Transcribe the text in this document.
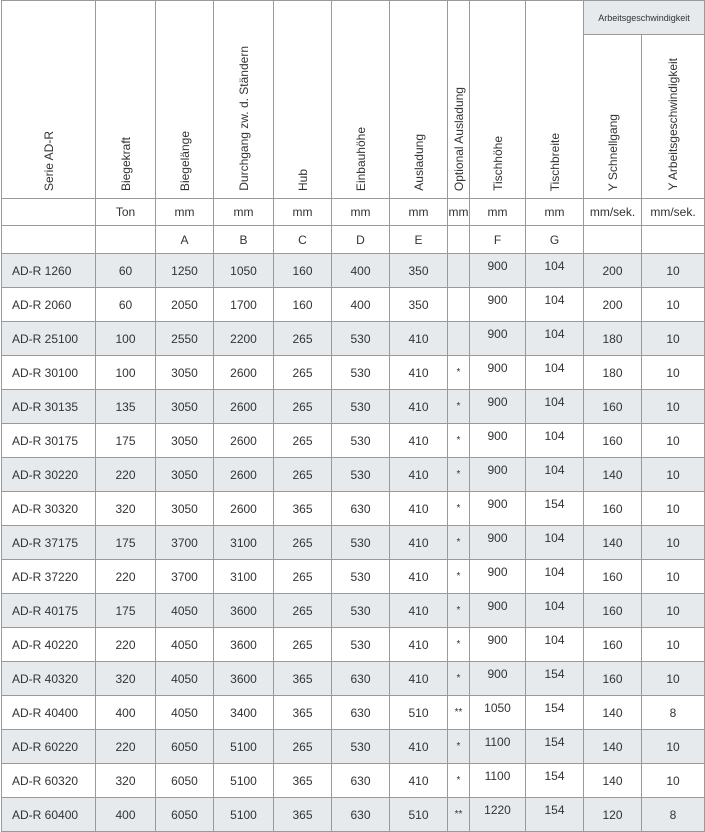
Serie AD-R	Biegekraft	Biegelänge	Durchgang zw. d. Ständern	Hub	Einbauhöhe	Ausladung	Optional Ausladung	Tischhöhe	Tischbreite	Arbeitsgeschwindigkeit	
										Y Schnellgang	Y Arbeitsgeschwindigkeit
	Ton	mm	mm	mm	mm	mm	mm	mm	mm	mm/sek.	mm/sek.
		A	B	C	D	E		F	G		
AD-R 1260	60	1250	1050	160	400	350		900	104	200	10
AD-R 2060	60	2050	1700	160	400	350		900	104	200	10
AD-R 25100	100	2550	2200	265	530	410		900	104	180	10
AD-R 30100	100	3050	2600	265	530	410	*	900	104	180	10
AD-R 30135	135	3050	2600	265	530	410	*	900	104	160	10
AD-R 30175	175	3050	2600	265	530	410	*	900	104	160	10
AD-R 30220	220	3050	2600	265	530	410	*	900	104	140	10
AD-R 30320	320	3050	2600	365	630	410	*	900	154	160	10
AD-R 37175	175	3700	3100	265	530	410	*	900	104	140	10
AD-R 37220	220	3700	3100	265	530	410	*	900	104	160	10
AD-R 40175	175	4050	3600	265	530	410	*	900	104	160	10
AD-R 40220	220	4050	3600	265	530	410	*	900	104	160	10
AD-R 40320	320	4050	3600	365	630	410	*	900	154	160	10
AD-R 40400	400	4050	3400	365	630	510	**	1050	154	140	8
AD-R 60220	220	6050	5100	265	530	410	*	1100	154	140	10
AD-R 60320	320	6050	5100	365	630	410	*	1100	154	140	10
AD-R 60400	400	6050	5100	365	630	510	**	1220	154	120	8
